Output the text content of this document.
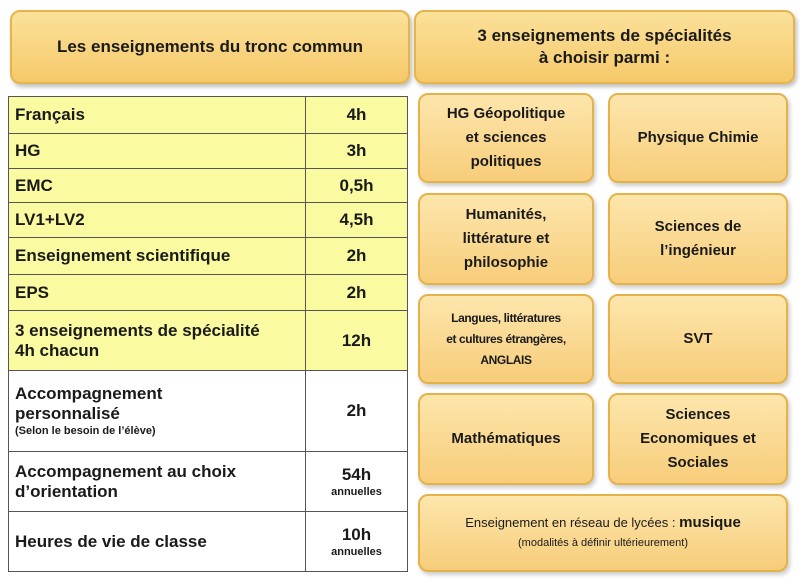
Les enseignements du tronc commun
3 enseignements de spécialités
à choisir parmi :
Français	4h
HG	3h
EMC	0,5h
LV1+LV2	4,5h
Enseignement scientifique	2h
EPS	2h

3 enseignements de spécialité
4h chacun	12h

Accompagnement
personnalisé
(Selon le besoin de l’élève)	2h

Accompagnement au choix
d’orientation	54h
annuelles

Heures de vie de classe	10h
annuelles
HG Géopolitique
et sciences
politiques
Physique Chimie
Humanités,
littérature et
philosophie
Sciences de
l’ingénieur
Langues, littératures
et cultures étrangères,
ANGLAIS
SVT
Mathématiques
Sciences
Economiques et
Sociales
Enseignement en réseau de lycées : musique
(modalités à définir ultérieurement)
